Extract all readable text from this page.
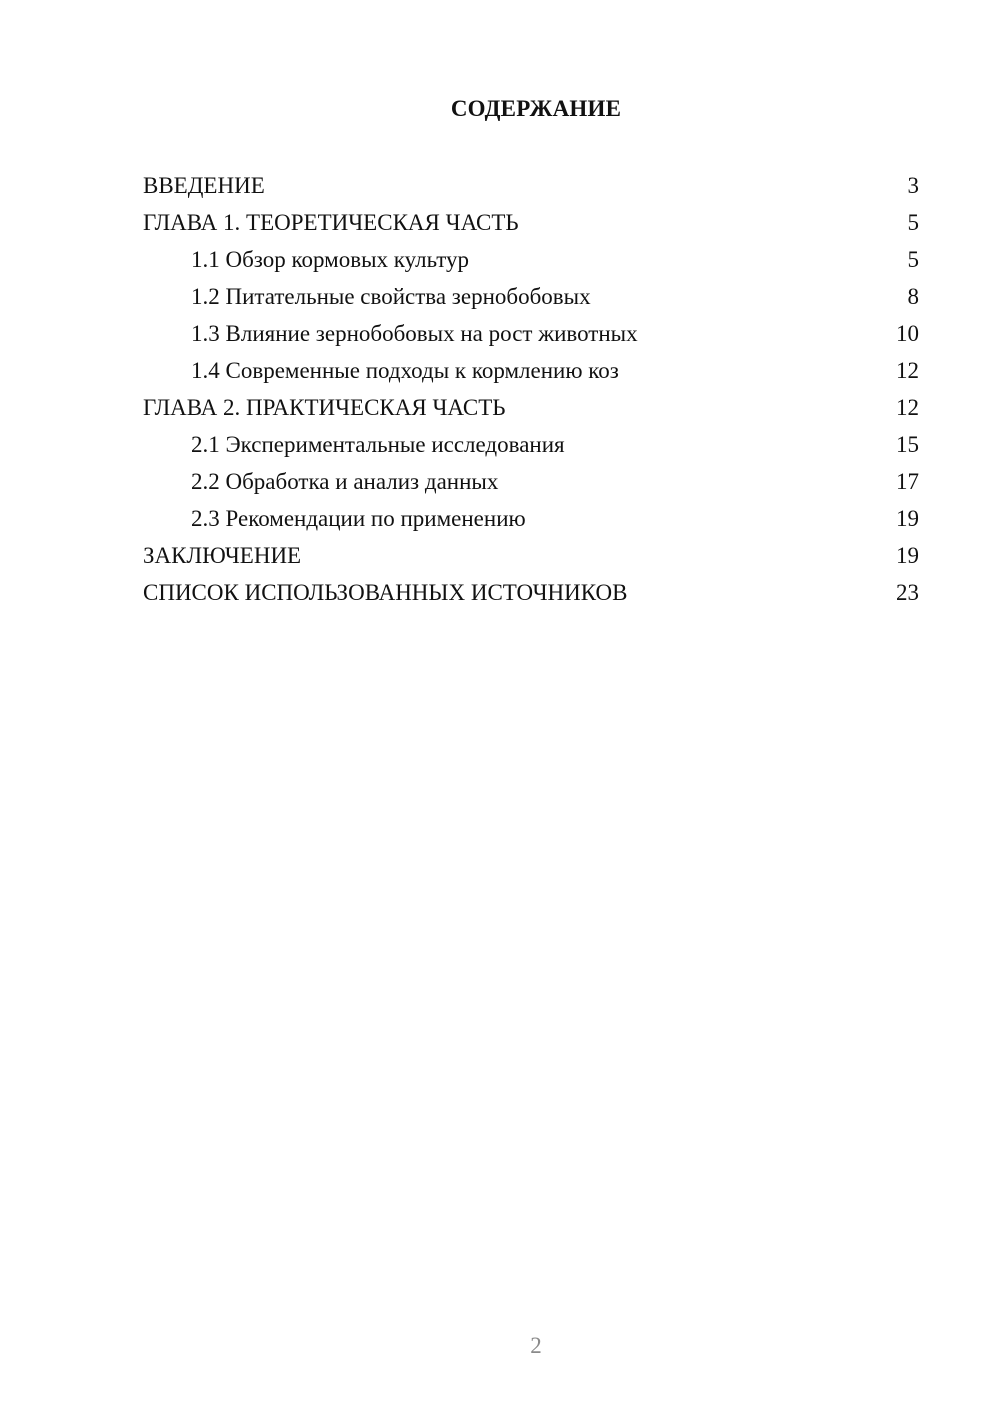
СОДЕРЖАНИЕ
ВВЕДЕНИЕ	3
ГЛАВА 1. ТЕОРЕТИЧЕСКАЯ ЧАСТЬ	5
1.1 Обзор кормовых культур	5
1.2 Питательные свойства зернобобовых	8
1.3 Влияние зернобобовых на рост животных	10
1.4 Современные подходы к кормлению коз	12
ГЛАВА 2. ПРАКТИЧЕСКАЯ ЧАСТЬ	12
2.1 Экспериментальные исследования	15
2.2 Обработка и анализ данных	17
2.3 Рекомендации по применению	19
ЗАКЛЮЧЕНИЕ	19
СПИСОК ИСПОЛЬЗОВАННЫХ ИСТОЧНИКОВ	23
2
